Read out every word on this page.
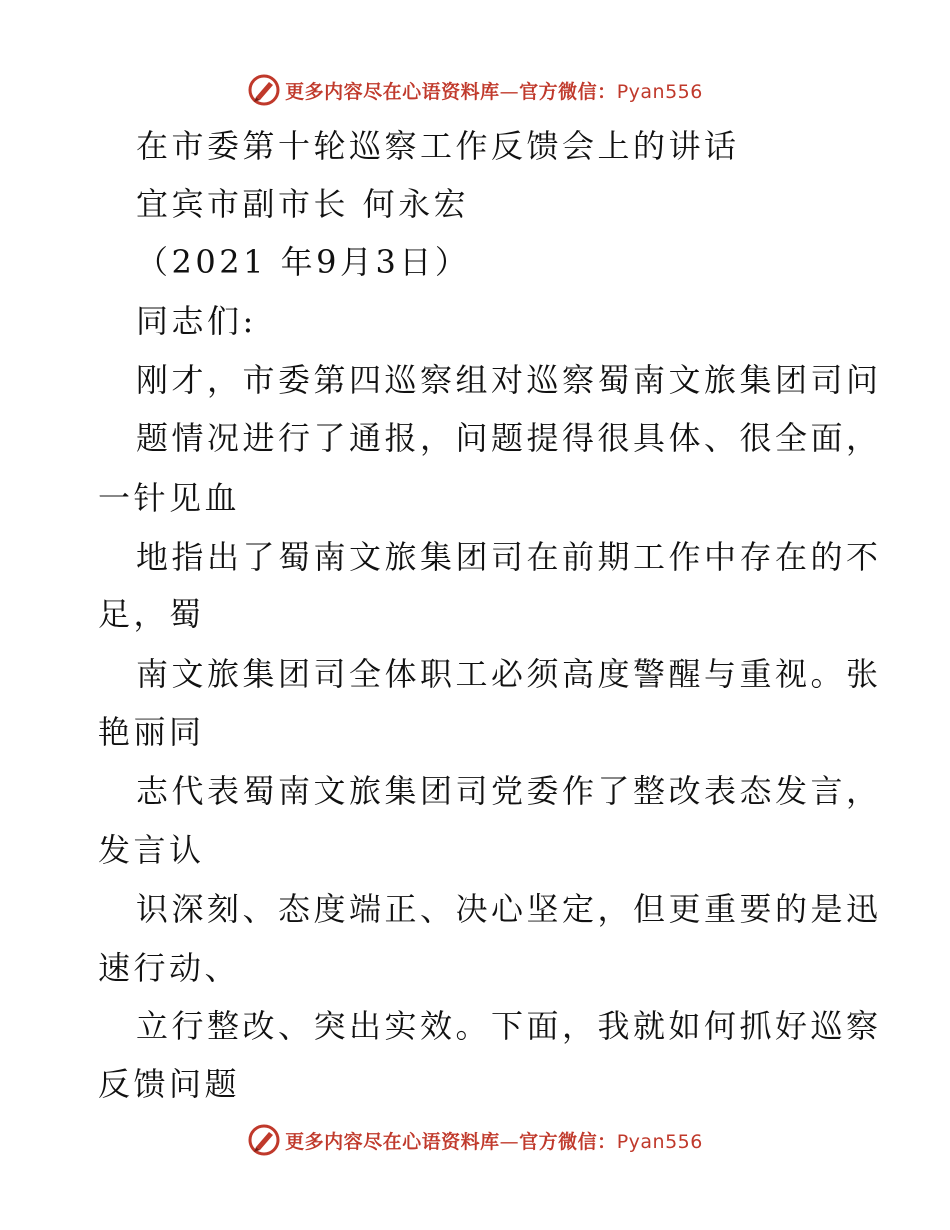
更多内容尽在心语资料库—官方微信：Pyan556
在市委第十轮巡察工作反馈会上的讲话
宜宾市副市长 何永宏
（2021 年9月3日）
同志们:
刚才，市委第四巡察组对巡察蜀南文旅集团司问
题情况进行了通报，问题提得很具体、很全面，
一针见血
地指出了蜀南文旅集团司在前期工作中存在的不
足，蜀
南文旅集团司全体职工必须高度警醒与重视。张
艳丽同
志代表蜀南文旅集团司党委作了整改表态发言，
发言认
识深刻、态度端正、决心坚定，但更重要的是迅
速行动、
立行整改、突出实效。下面，我就如何抓好巡察
反馈问题
更多内容尽在心语资料库—官方微信：Pyan556
